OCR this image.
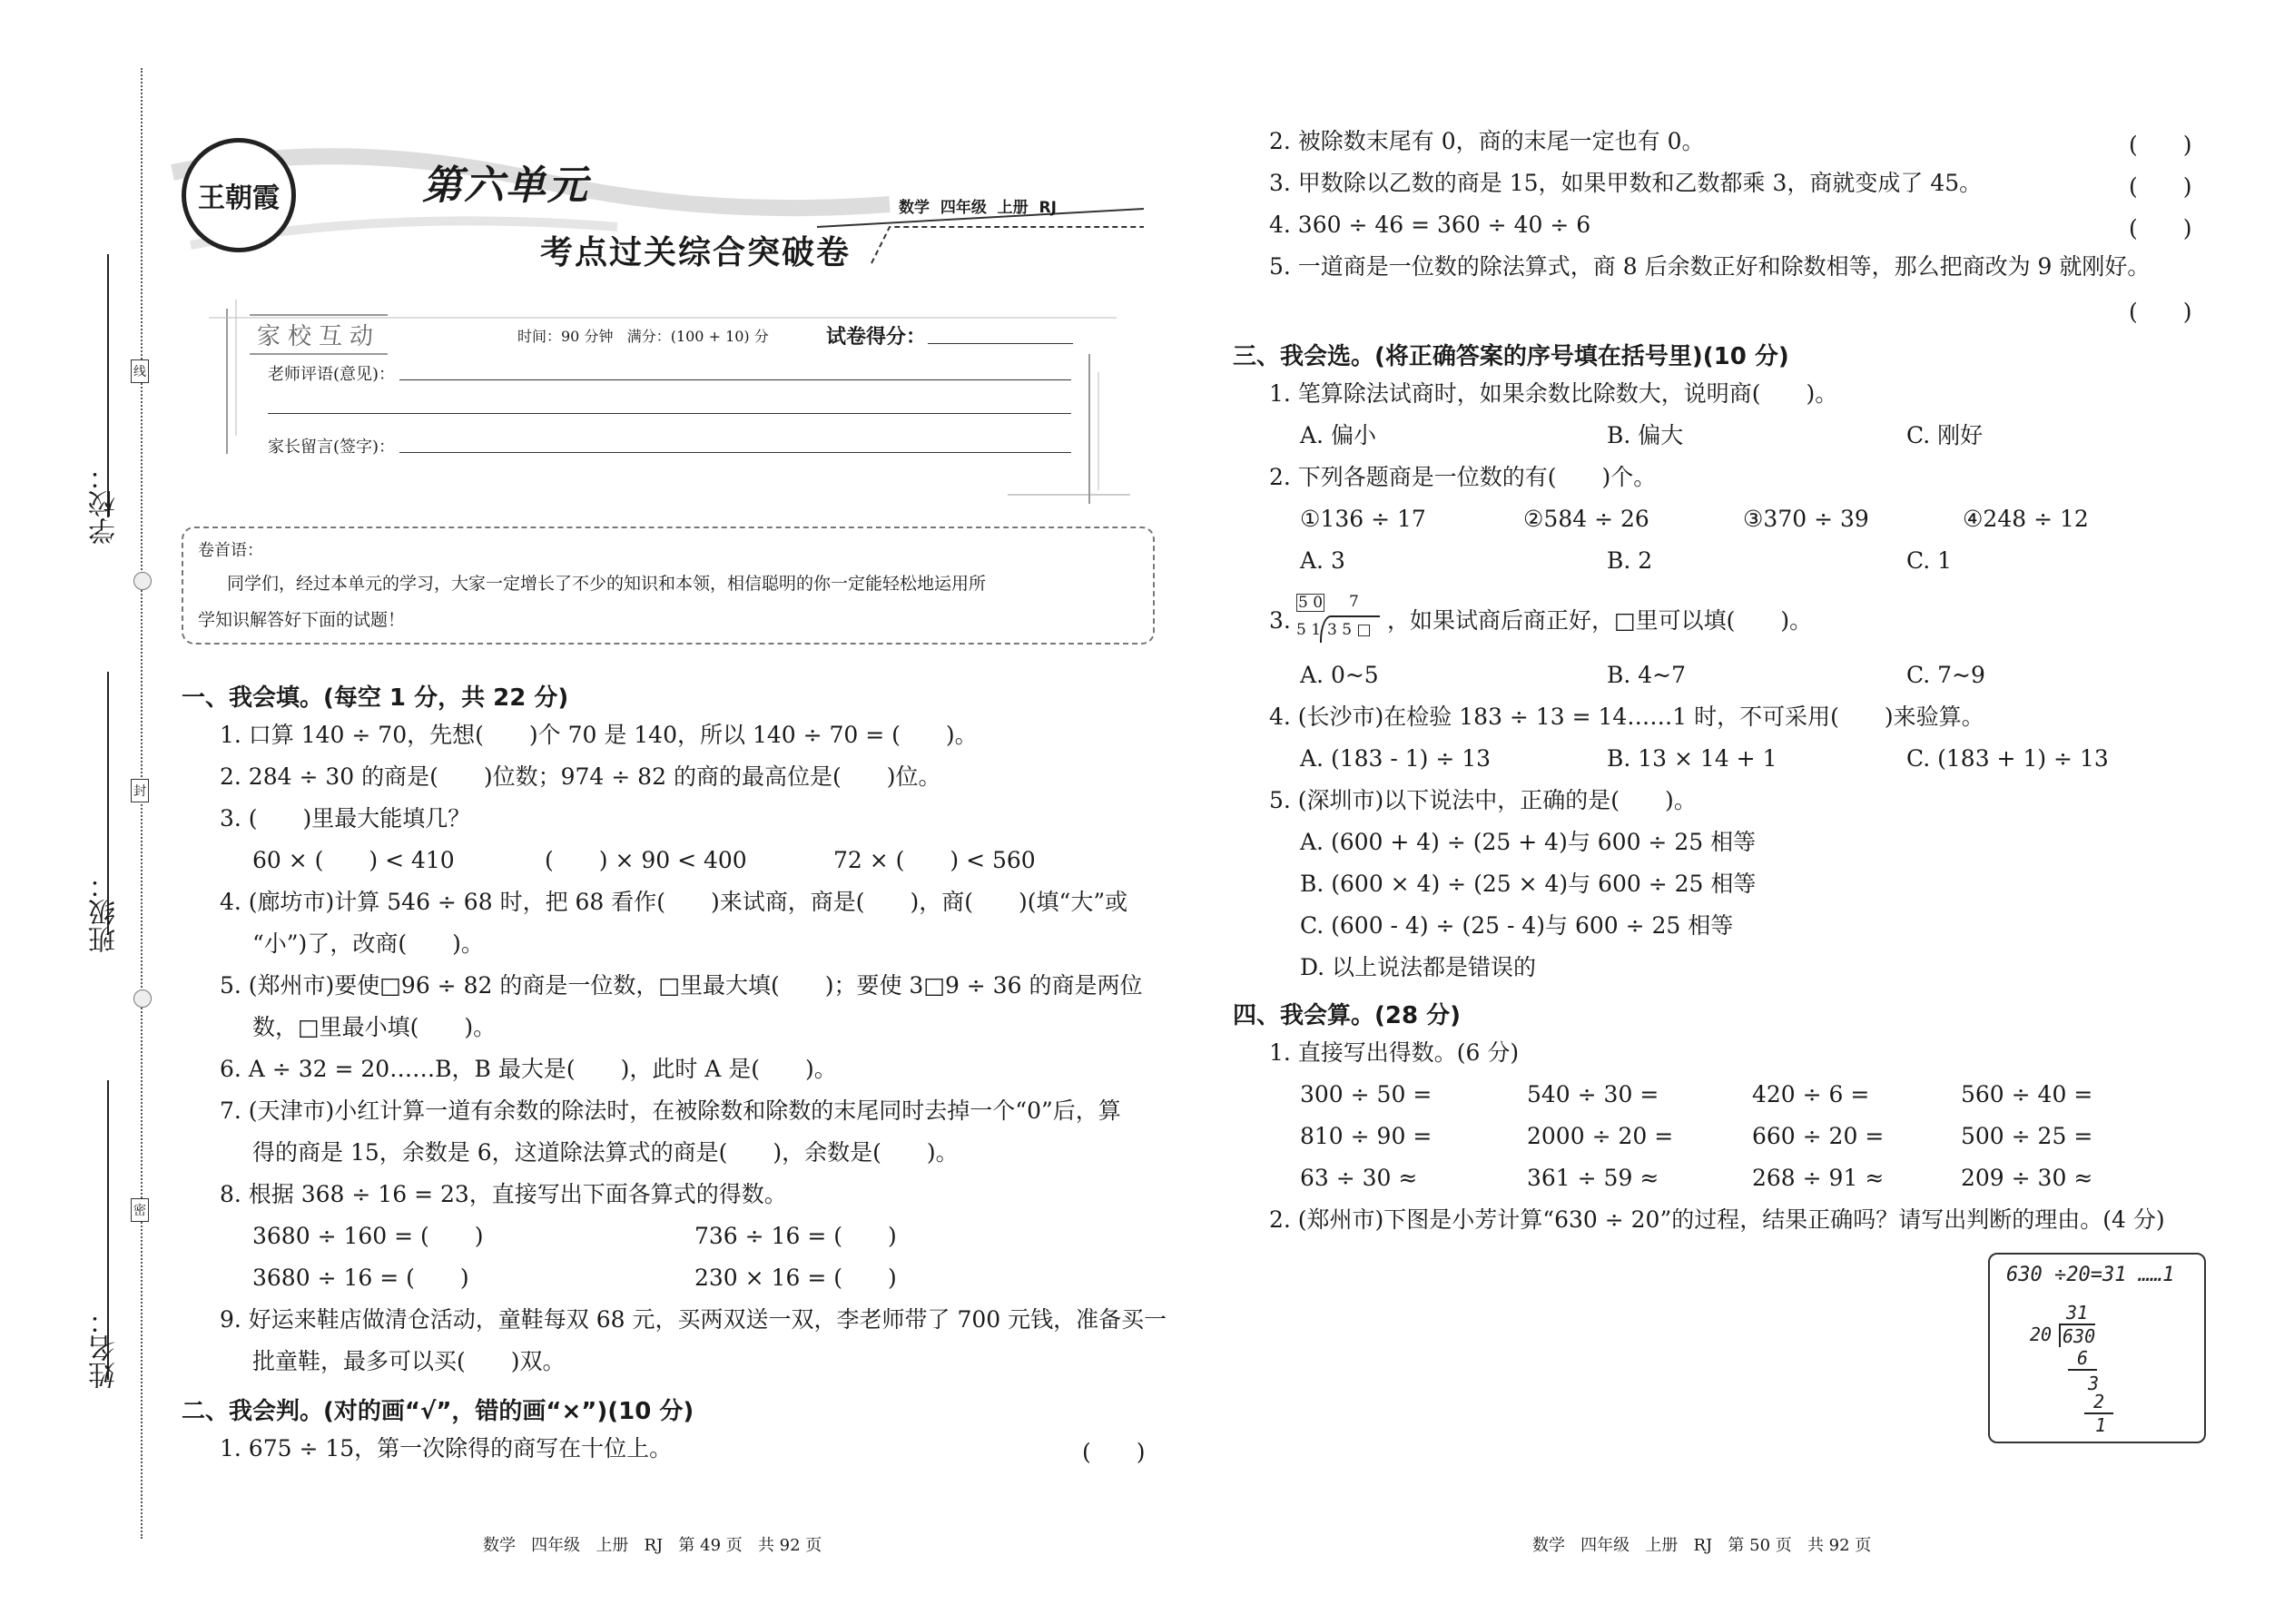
学校：
班级：
姓名：
线
封
密
王朝霞	第六单元
考点过关综合突破卷
数学  四年级  上册  RJ
家校互动	时间：90 分钟   满分：(100 + 10) 分	试卷得分：
老师评语(意见)：
家长留言(签字)：
卷首语：
同学们，经过本单元的学习，大家一定增长了不少的知识和本领，相信聪明的你一定能轻松地运用所
学知识解答好下面的试题！
一、我会填。(每空 1 分，共 22 分)
1. 口算 140 ÷ 70，先想(　　)个 70 是 140，所以 140 ÷ 70 = (　　)。
2. 284 ÷ 30 的商是(　　)位数；974 ÷ 82 的商的最高位是(　　)位。
3. (　　)里最大能填几？
60 × (　　) < 410	(　　) × 90 < 400	72 × (　　) < 560
4. (廊坊市)计算 546 ÷ 68 时，把 68 看作(　　)来试商，商是(　　)，商(　　)(填“大”或
“小”)了，改商(　　)。
5. (郑州市)要使□96 ÷ 82 的商是一位数，□里最大填(　　)；要使 3□9 ÷ 36 的商是两位
数，□里最小填(　　)。
6. A ÷ 32 = 20……B，B 最大是(　　)，此时 A 是(　　)。
7. (天津市)小红计算一道有余数的除法时，在被除数和除数的末尾同时去掉一个“0”后，算
得的商是 15，余数是 6，这道除法算式的商是(　　)，余数是(　　)。
8. 根据 368 ÷ 16 = 23，直接写出下面各算式的得数。
3680 ÷ 160 = (　　)	736 ÷ 16 = (　　)
3680 ÷ 16 = (　　)	230 × 16 = (　　)
9. 好运来鞋店做清仓活动，童鞋每双 68 元，买两双送一双，李老师带了 700 元钱，准备买一
批童鞋，最多可以买(　　)双。
二、我会判。(对的画“√”，错的画“×”)(10 分)
1. 675 ÷ 15，第一次除得的商写在十位上。	(　　)
数学   四年级   上册   RJ   第 49 页   共 92 页
2. 被除数末尾有 0，商的末尾一定也有 0。	(　　)
3. 甲数除以乙数的商是 15，如果甲数和乙数都乘 3，商就变成了 45。	(　　)
4. 360 ÷ 46 = 360 ÷ 40 ÷ 6	(　　)
5. 一道商是一位数的除法算式，商 8 后余数正好和除数相等，那么把商改为 9 就刚好。
(　　)
三、我会选。(将正确答案的序号填在括号里)(10 分)
1. 笔算除法试商时，如果余数比除数大，说明商(　　)。
A. 偏小	B. 偏大	C. 刚好
2. 下列各题商是一位数的有(　　)个。
①136 ÷ 17	②584 ÷ 26	③370 ÷ 39	④248 ÷ 12
A. 3	B. 2	C. 1
3.
5 0 7
5 1 3 5 □ ，如果试商后商正好，□里可以填(　　)。
A. 0~5	B. 4~7	C. 7~9
4. (长沙市)在检验 183 ÷ 13 = 14……1 时，不可采用(　　)来验算。
A. (183 - 1) ÷ 13	B. 13 × 14 + 1	C. (183 + 1) ÷ 13
5. (深圳市)以下说法中，正确的是(　　)。
A. (600 + 4) ÷ (25 + 4)与 600 ÷ 25 相等
B. (600 × 4) ÷ (25 × 4)与 600 ÷ 25 相等
C. (600 - 4) ÷ (25 - 4)与 600 ÷ 25 相等
D. 以上说法都是错误的
四、我会算。(28 分)
1. 直接写出得数。(6 分)
300 ÷ 50 =	540 ÷ 30 =	420 ÷ 6 =	560 ÷ 40 =
810 ÷ 90 =	2000 ÷ 20 =	660 ÷ 20 =	500 ÷ 25 =
63 ÷ 30 ≈	361 ÷ 59 ≈	268 ÷ 91 ≈	209 ÷ 30 ≈
2. (郑州市)下图是小芳计算“630 ÷ 20”的过程，结果正确吗？请写出判断的理由。(4 分)
630 ÷20=31 ……1
31
20 630
6
3
2
1
数学   四年级   上册   RJ   第 50 页   共 92 页
